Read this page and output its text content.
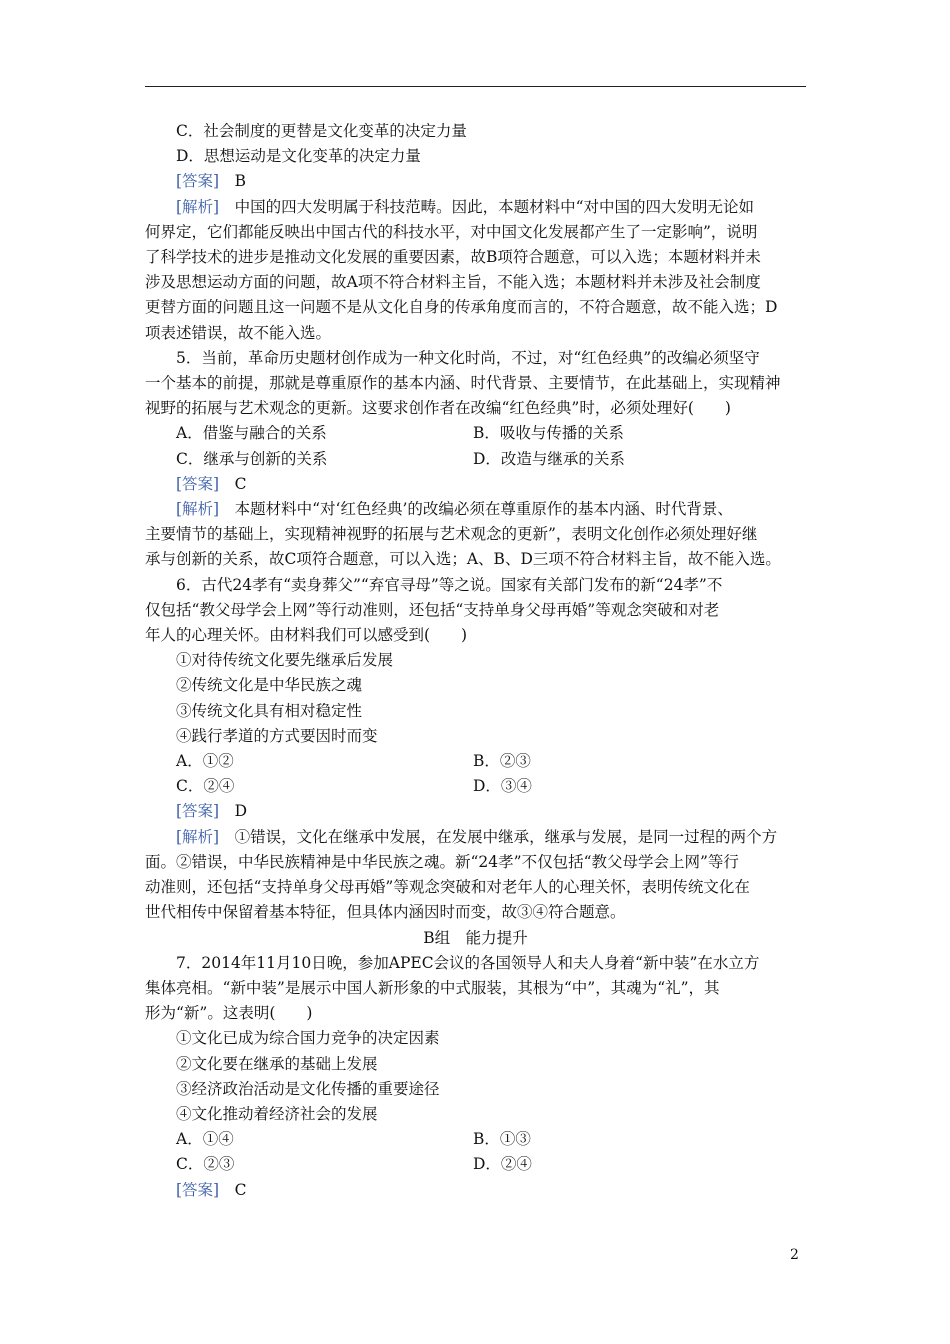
C．社会制度的更替是文化变革的决定力量
D．思想运动是文化变革的决定力量
[答案]　 B
[解析]　 中国的四大发明属于科技范畴。因此，本题材料中“对中国的四大发明无论如
何界定，它们都能反映出中国古代的科技水平，对中国文化发展都产生了一定影响”，说明
了科学技术的进步是推动文化发展的重要因素，故B项符合题意，可以入选；本题材料并未
涉及思想运动方面的问题，故A项不符合材料主旨，不能入选；本题材料并未涉及社会制度
更替方面的问题且这一问题不是从文化自身的传承角度而言的，不符合题意，故不能入选；D
项表述错误，故不能入选。
5．当前，革命历史题材创作成为一种文化时尚，不过，对“红色经典”的改编必须坚守
一个基本的前提，那就是尊重原作的基本内涵、时代背景、主要情节，在此基础上，实现精神
视野的拓展与艺术观念的更新。这要求创作者在改编“红色经典”时，必须处理好(　　)
A．借鉴与融合的关系	B．吸收与传播的关系
C．继承与创新的关系	D．改造与继承的关系
[答案]　 C
[解析]　 本题材料中“对‘红色经典’的改编必须在尊重原作的基本内涵、时代背景、
主要情节的基础上，实现精神视野的拓展与艺术观念的更新”，表明文化创作必须处理好继
承与创新的关系，故C项符合题意，可以入选；A、B、D三项不符合材料主旨，故不能入选。
6．古代24孝有“卖身葬父”“弃官寻母”等之说。国家有关部门发布的新“24孝”不
仅包括“教父母学会上网”等行动准则，还包括“支持单身父母再婚”等观念突破和对老
年人的心理关怀。由材料我们可以感受到(　　)
①对待传统文化要先继承后发展
②传统文化是中华民族之魂
③传统文化具有相对稳定性
④践行孝道的方式要因时而变
A．①②	B．②③
C．②④	D．③④
[答案]　 D
[解析]　 ①错误，文化在继承中发展，在发展中继承，继承与发展，是同一过程的两个方
面。②错误，中华民族精神是中华民族之魂。新“24孝”不仅包括“教父母学会上网”等行
动准则，还包括“支持单身父母再婚”等观念突破和对老年人的心理关怀，表明传统文化在
世代相传中保留着基本特征，但具体内涵因时而变，故③④符合题意。
B组　能力提升
7．2014年11月10日晚，参加APEC会议的各国领导人和夫人身着“新中装”在水立方
集体亮相。“新中装”是展示中国人新形象的中式服装，其根为“中”，其魂为“礼”，其
形为“新”。这表明(　　)
①文化已成为综合国力竞争的决定因素
②文化要在继承的基础上发展
③经济政治活动是文化传播的重要途径
④文化推动着经济社会的发展
A．①④	B．①③
C．②③	D．②④
[答案]　 C
2
